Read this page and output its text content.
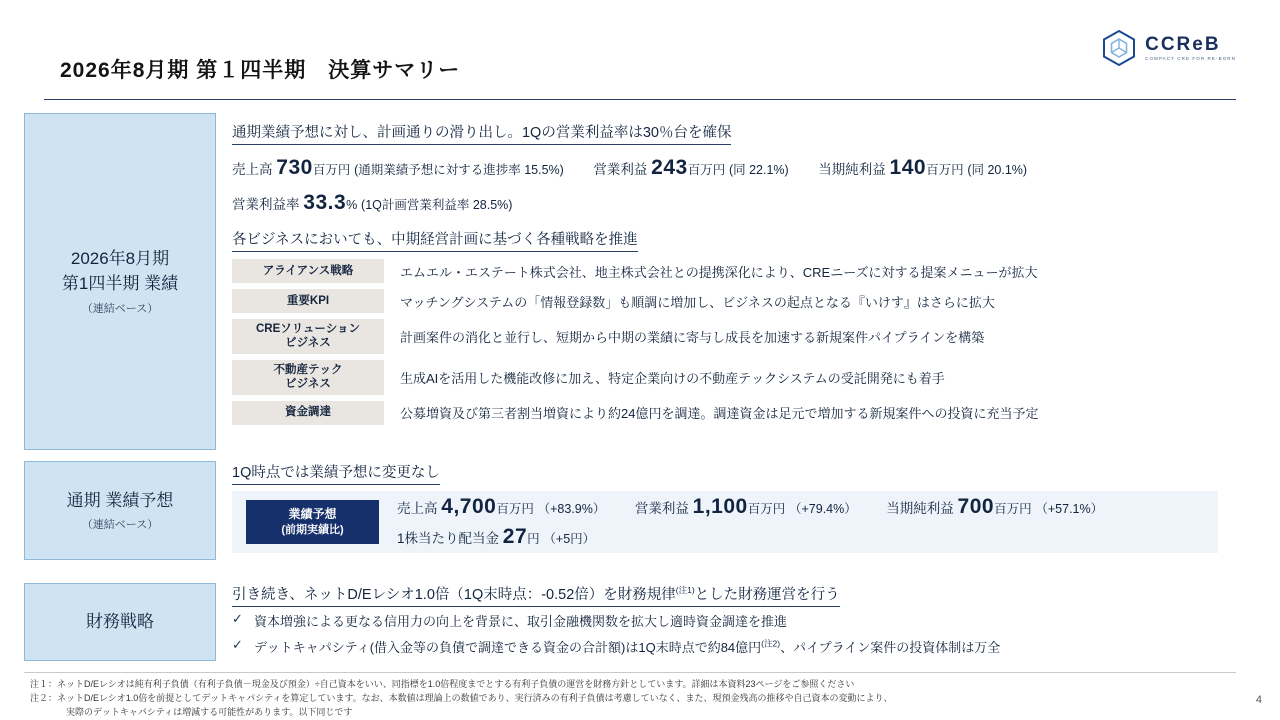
2026年8月期 第１四半期　決算サマリー
CCReB
COMPACT CRE FOR RE-BORN
2026年8月期
第1四半期 業績
（連結ベース）
通期 業績予想
（連結ベース）
財務戦略
通期業績予想に対し、計画通りの滑り出し。1Qの営業利益率は30％台を確保
売上高 730百万円 (通期業績予想に対する進捗率 15.5%) 営業利益 243百万円 (同 22.1%) 当期純利益 140百万円 (同 20.1%)
営業利益率 33.3% (1Q計画営業利益率 28.5%)
各ビジネスにおいても、中期経営計画に基づく各種戦略を推進
アライアンス戦略	エムエル・エステート株式会社、地主株式会社との提携深化により、CREニーズに対する提案メニューが拡大
重要KPI	マッチングシステムの「情報登録数」も順調に増加し、ビジネスの起点となる『いけす』はさらに拡大
CREソリューション
ビジネス	計画案件の消化と並行し、短期から中期の業績に寄与し成長を加速する新規案件パイプラインを構築
不動産テック
ビジネス	生成AIを活用した機能改修に加え、特定企業向けの不動産テックシステムの受託開発にも着手
資金調達	公募増資及び第三者割当増資により約24億円を調達。調達資金は足元で増加する新規案件への投資に充当予定
1Q時点では業績予想に変更なし
業績予想
(前期実績比)
売上高 4,700百万円 （+83.9%） 営業利益 1,100百万円 （+79.4%） 当期純利益 700百万円 （+57.1%）
1株当たり配当金 27円 （+5円）
引き続き、ネットD/Eレシオ1.0倍（1Q末時点：-0.52倍）を財務規律$^{(注1)}$とした財務運営を行う
✓ 資本増強による更なる信用力の向上を背景に、取引金融機関数を拡大し適時資金調達を推進
✓ デットキャパシティ(借入金等の負債で調達できる資金の合計額)は1Q末時点で約84億円$^{(注2)}$、パイプライン案件の投資体制は万全
注１：ネットD/Eレシオは純有利子負債（有利子負債－現金及び預金）÷自己資本をいい、同指標を1.0倍程度までとする有利子負債の運営を財務方針としています。詳細は本資料23ページをご参照ください
注２：ネットD/Eレシオ1.0倍を前提としてデットキャパシティを算定しています。なお、本数値は理論上の数値であり、実行済みの有利子負債は考慮していなく、また、現預金残高の推移や自己資本の変動により、
　　　　実際のデットキャパシティは増減する可能性があります。以下同じです
4
